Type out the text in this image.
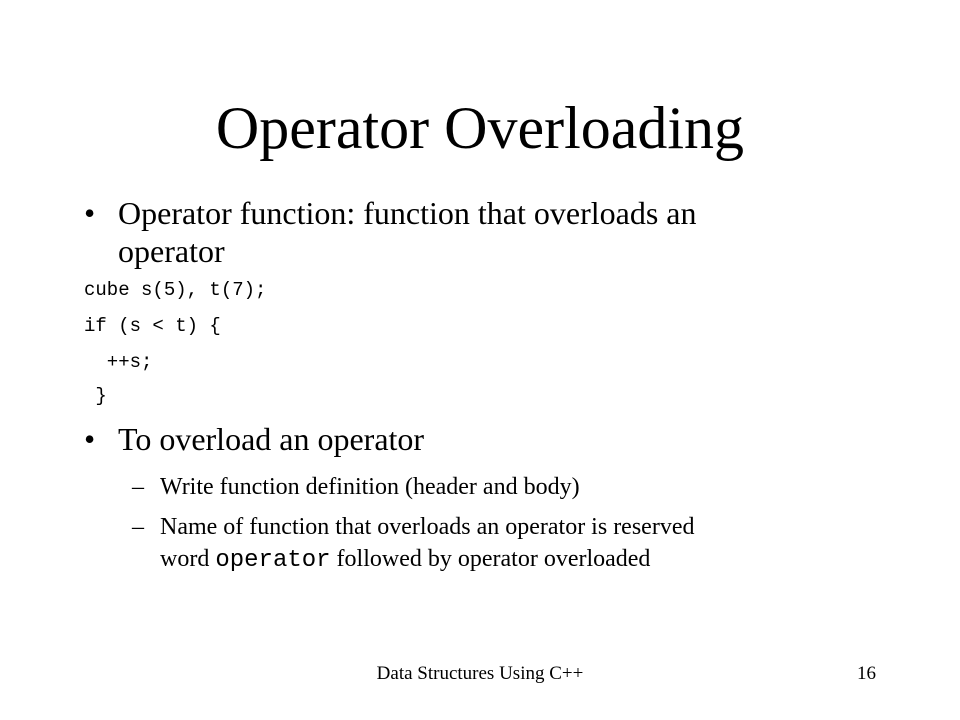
Operator Overloading
• Operator function: function that overloads an
operator
cube s(5), t(7);
if (s < t) {
++s;
}
• To overload an operator
– Write function definition (header and body)
– Name of function that overloads an operator is reserved
word operator followed by operator overloaded
Data Structures Using C++	16
